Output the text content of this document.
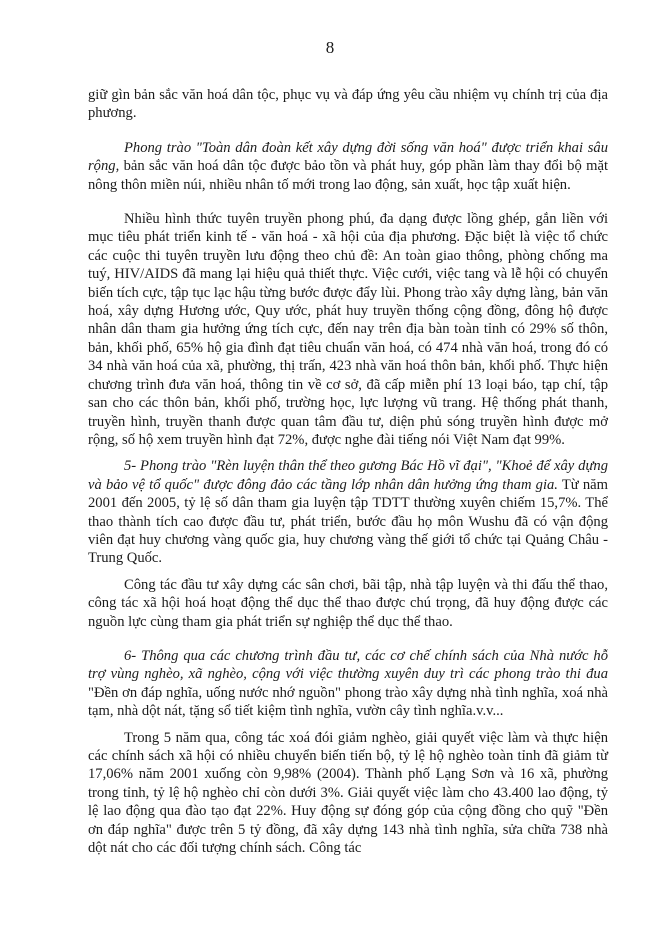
8

giữ gìn bản sắc văn hoá dân tộc, phục vụ và đáp ứng yêu cầu nhiệm vụ chính trị của địa phương.

Phong trào "Toàn dân đoàn kết xây dựng đời sống văn hoá" được triển khai sâu rộng, bản sắc văn hoá dân tộc được bảo tồn và phát huy, góp phần làm thay đổi bộ mặt nông thôn miền núi, nhiều nhân tố mới trong lao động, sản xuất, học tập xuất hiện.

Nhiều hình thức tuyên truyền phong phú, đa dạng được lồng ghép, gắn liền với mục tiêu phát triển kinh tế - văn hoá - xã hội của địa phương. Đặc biệt là việc tổ chức các cuộc thi tuyên truyền lưu động theo chủ đề: An toàn giao thông, phòng chống ma tuý, HIV/AIDS đã mang lại hiệu quả thiết thực. Việc cưới, việc tang và lễ hội có chuyển biến tích cực, tập tục lạc hậu từng bước được đẩy lùi. Phong trào xây dựng làng, bản văn hoá, xây dựng Hương ước, Quy ước, phát huy truyền thống cộng đồng, đông hộ được nhân dân tham gia hưởng ứng tích cực, đến nay trên địa bàn toàn tỉnh có 29% số thôn, bản, khối phố, 65% hộ gia đình đạt tiêu chuẩn văn hoá, có 474 nhà văn hoá, trong đó có 34 nhà văn hoá của xã, phường, thị trấn, 423 nhà văn hoá thôn bản, khối phố. Thực hiện chương trình đưa văn hoá, thông tin về cơ sở, đã cấp miễn phí 13 loại báo, tạp chí, tập san cho các thôn bản, khối phố, trường học, lực lượng vũ trang. Hệ thống phát thanh, truyền hình, truyền thanh được quan tâm đầu tư, diện phủ sóng truyền hình được mở rộng, số hộ xem truyền hình đạt 72%, được nghe đài tiếng nói Việt Nam đạt 99%.

5- Phong trào "Rèn luyện thân thể theo gương Bác Hồ vĩ đại", "Khoẻ để xây dựng và bảo vệ tổ quốc" được đông đảo các tầng lớp nhân dân hưởng ứng tham gia. Từ năm 2001 đến 2005, tỷ lệ số dân tham gia luyện tập TDTT thường xuyên chiếm 15,7%. Thể thao thành tích cao được đầu tư, phát triển, bước đầu họ môn Wushu đã có vận động viên đạt huy chương vàng quốc gia, huy chương vàng thế giới tổ chức tại Quảng Châu - Trung Quốc.

Công tác đầu tư xây dựng các sân chơi, bãi tập, nhà tập luyện và thi đấu thể thao, công tác xã hội hoá hoạt động thể dục thể thao được chú trọng, đã huy động được các nguồn lực cùng tham gia phát triển sự nghiệp thể dục thể thao.

6- Thông qua các chương trình đầu tư, các cơ chế chính sách của Nhà nước hỗ trợ vùng nghèo, xã nghèo, cộng với việc thường xuyên duy trì các phong trào thi đua "Đền ơn đáp nghĩa, uống nước nhớ nguồn" phong trào xây dựng nhà tình nghĩa, xoá nhà tạm, nhà dột nát, tặng sổ tiết kiệm tình nghĩa, vườn cây tình nghĩa.v.v...

Trong 5 năm qua, công tác xoá đói giảm nghèo, giải quyết việc làm và thực hiện các chính sách xã hội có nhiều chuyển biến tiến bộ, tỷ lệ hộ nghèo toàn tỉnh đã giảm từ 17,06% năm 2001 xuống còn 9,98% (2004). Thành phố Lạng Sơn và 16 xã, phường trong tỉnh, tỷ lệ hộ nghèo chỉ còn dưới 3%. Giải quyết việc làm cho 43.400 lao động, tỷ lệ lao động qua đào tạo đạt 22%. Huy động sự đóng góp của cộng đồng cho quỹ "Đền ơn đáp nghĩa" được trên 5 tỷ đồng, đã xây dựng 143 nhà tình nghĩa, sửa chữa 738 nhà dột nát cho các đối tượng chính sách. Công tác
